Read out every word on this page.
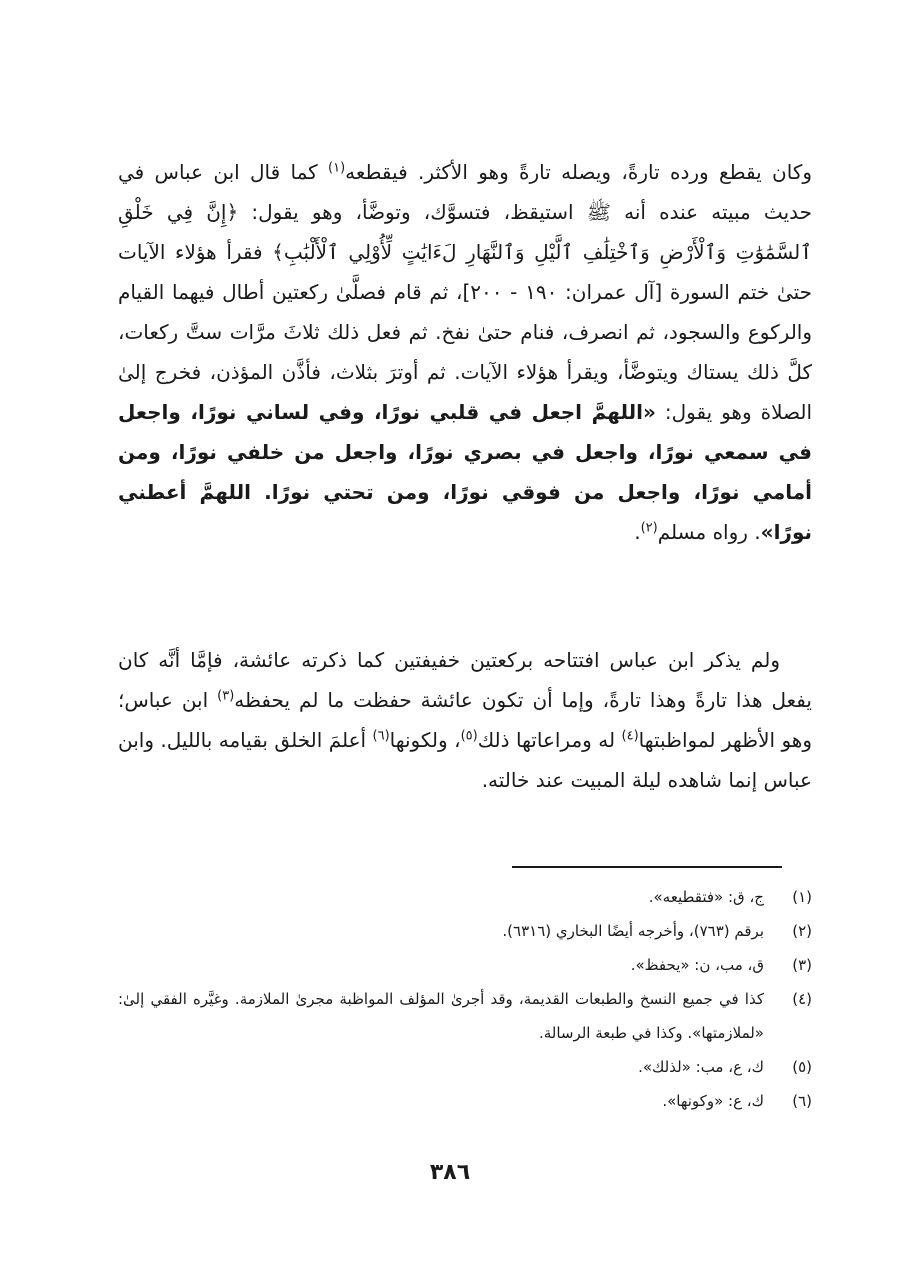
وكان يقطع ورده تارةً، ويصله تارةً وهو الأكثر. فيقطعه$^{(١)}$ كما قال ابن عباس في حديث مبيته عنده أنه ﷺ استيقظ، فتسوَّك، وتوضَّأ، وهو يقول: ﴿إِنَّ فِي خَلْقِ ٱلسَّمَٰوَٰتِ وَٱلْأَرْضِ وَٱخْتِلَٰفِ ٱلَّيْلِ وَٱلنَّهَارِ لَءَايَٰتٍ لِّأُوْلِي ٱلْأَلْبَٰبِ﴾ فقرأ هؤلاء الآيات حتىٰ ختم السورة [آل عمران: ١٩٠ - ٢٠٠]، ثم قام فصلَّىٰ ركعتين أطال فيهما القيام والركوع والسجود، ثم انصرف، فنام حتىٰ نفخ. ثم فعل ذلك ثلاثَ مرَّات ستَّ ركعات، كلَّ ذلك يستاك ويتوضَّأ، ويقرأ هؤلاء الآيات. ثم أوترَ بثلاث، فأذَّن المؤذن، فخرج إلىٰ الصلاة وهو يقول: «اللهمَّ اجعل في قلبي نورًا، وفي لساني نورًا، واجعل في سمعي نورًا، واجعل في بصري نورًا، واجعل من خلفي نورًا، ومن أمامي نورًا، واجعل من فوقي نورًا، ومن تحتي نورًا. اللهمَّ أعطني نورًا». رواه مسلم$^{(٢)}$.
ولم يذكر ابن عباس افتتاحه بركعتين خفيفتين كما ذكرته عائشة، فإمَّا أنَّه كان يفعل هذا تارةً وهذا تارةً، وإما أن تكون عائشة حفظت ما لم يحفظه$^{(٣)}$ ابن عباس؛ وهو الأظهر لمواظبتها$^{(٤)}$ له ومراعاتها ذلك$^{(٥)}$، ولكونها$^{(٦)}$ أعلمَ الخلق بقيامه بالليل. وابن عباس إنما شاهده ليلة المبيت عند خالته.
(١)
ج، ق: «فتقطيعه».
(٢)
برقم (٧٦٣)، وأخرجه أيضًا البخاري (٦٣١٦).
(٣)
ق، مب، ن: «يحفظ».
(٤)
كذا في جميع النسخ والطبعات القديمة، وقد أجرىٰ المؤلف المواظبة مجرىٰ الملازمة. وغيَّره الفقي إلىٰ: «لملازمتها». وكذا في طبعة الرسالة.
(٥)
ك، ع، مب: «لذلك».
(٦)
ك، ع: «وكونها».
٣٨٦
